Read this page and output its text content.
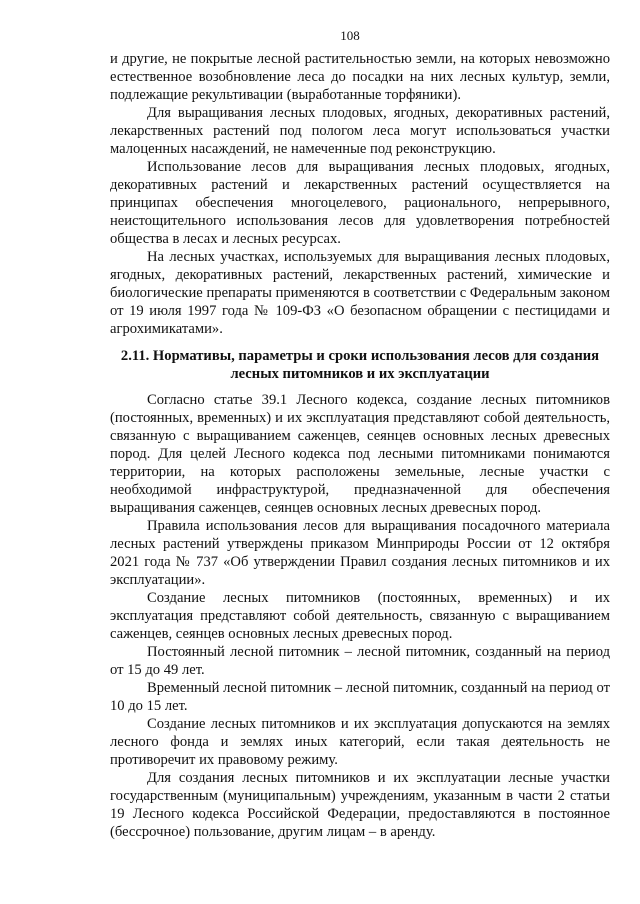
108

и другие, не покрытые лесной растительностью земли, на которых невозможно естественное возобновление леса до посадки на них лесных культур, земли, подлежащие рекультивации (выработанные торфяники).

Для выращивания лесных плодовых, ягодных, декоративных растений, лекарственных растений под пологом леса могут использоваться участки малоценных насаждений, не намеченные под реконструкцию.

Использование лесов для выращивания лесных плодовых, ягодных, декоративных растений и лекарственных растений осуществляется на принципах обеспечения многоцелевого, рационального, непрерывного, неистощительного использования лесов для удовлетворения потребностей общества в лесах и лесных ресурсах.

На лесных участках, используемых для выращивания лесных плодовых, ягодных, декоративных растений, лекарственных растений, химические и биологические препараты применяются в соответствии с Федеральным законом от 19 июля 1997 года № 109-ФЗ «О безопасном обращении с пестицидами и агрохимикатами».

2.11. Нормативы, параметры и сроки использования лесов для создания
лесных питомников и их эксплуатации

Согласно статье 39.1 Лесного кодекса, создание лесных питомников (постоянных, временных) и их эксплуатация представляют собой деятельность, связанную с выращиванием саженцев, сеянцев основных лесных древесных пород. Для целей Лесного кодекса под лесными питомниками понимаются территории, на которых расположены земельные, лесные участки с необходимой инфраструктурой, предназначенной для обеспечения выращивания саженцев, сеянцев основных лесных древесных пород.

Правила использования лесов для выращивания посадочного материала лесных растений утверждены приказом Минприроды России от 12 октября 2021 года № 737 «Об утверждении Правил создания лесных питомников и их эксплуатации».

Создание лесных питомников (постоянных, временных) и их эксплуатация представляют собой деятельность, связанную с выращиванием саженцев, сеянцев основных лесных древесных пород.

Постоянный лесной питомник – лесной питомник, созданный на период от 15 до 49 лет.

Временный лесной питомник – лесной питомник, созданный на период от 10 до 15 лет.

Создание лесных питомников и их эксплуатация допускаются на землях лесного фонда и землях иных категорий, если такая деятельность не противоречит их правовому режиму.

Для создания лесных питомников и их эксплуатации лесные участки государственным (муниципальным) учреждениям, указанным в части 2 статьи 19 Лесного кодекса Российской Федерации, предоставляются в постоянное (бессрочное) пользование, другим лицам – в аренду.
